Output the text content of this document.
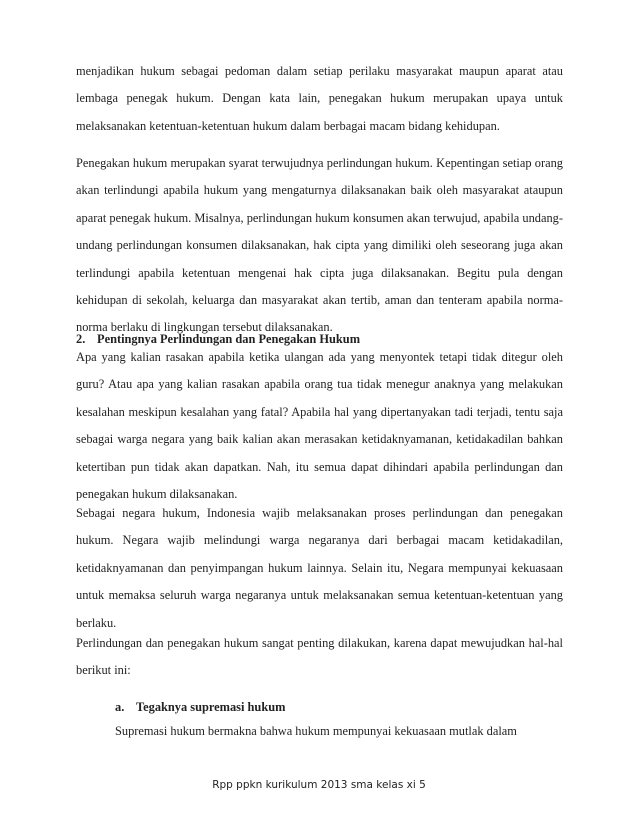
menjadikan hukum sebagai pedoman dalam setiap perilaku masyarakat maupun aparat atau lembaga penegak hukum. Dengan kata lain, penegakan hukum merupakan upaya untuk melaksanakan ketentuan-ketentuan hukum dalam berbagai macam bidang kehidupan.

Penegakan hukum merupakan syarat terwujudnya perlindungan hukum. Kepentingan setiap orang akan terlindungi apabila hukum yang mengaturnya dilaksanakan baik oleh masyarakat ataupun aparat penegak hukum. Misalnya, perlindungan hukum konsumen akan terwujud, apabila undang-undang perlindungan konsumen dilaksanakan, hak cipta yang dimiliki oleh seseorang juga akan terlindungi apabila ketentuan mengenai hak cipta juga dilaksanakan. Begitu pula dengan kehidupan di sekolah, keluarga dan masyarakat akan tertib, aman dan tenteram apabila norma-norma berlaku di lingkungan tersebut dilaksanakan.

2. Pentingnya Perlindungan dan Penegakan Hukum

Apa yang kalian rasakan apabila ketika ulangan ada yang menyontek tetapi tidak ditegur oleh guru? Atau apa yang kalian rasakan apabila orang tua tidak menegur anaknya yang melakukan kesalahan meskipun kesalahan yang fatal? Apabila hal yang dipertanyakan tadi terjadi, tentu saja sebagai warga negara yang baik kalian akan merasakan ketidaknyamanan, ketidakadilan bahkan ketertiban pun tidak akan dapatkan. Nah, itu semua dapat dihindari apabila perlindungan dan penegakan hukum dilaksanakan.

Sebagai negara hukum, Indonesia wajib melaksanakan proses perlindungan dan penegakan hukum. Negara wajib melindungi warga negaranya dari berbagai macam ketidakadilan, ketidaknyamanan dan penyimpangan hukum lainnya. Selain itu, Negara mempunyai kekuasaan untuk memaksa seluruh warga negaranya untuk melaksanakan semua ketentuan-ketentuan yang berlaku.

Perlindungan dan penegakan hukum sangat penting dilakukan, karena dapat mewujudkan hal-hal berikut ini:

a. Tegaknya supremasi hukum

Supremasi hukum bermakna bahwa hukum mempunyai kekuasaan mutlak dalam

Rpp ppkn kurikulum 2013 sma kelas xi 5
